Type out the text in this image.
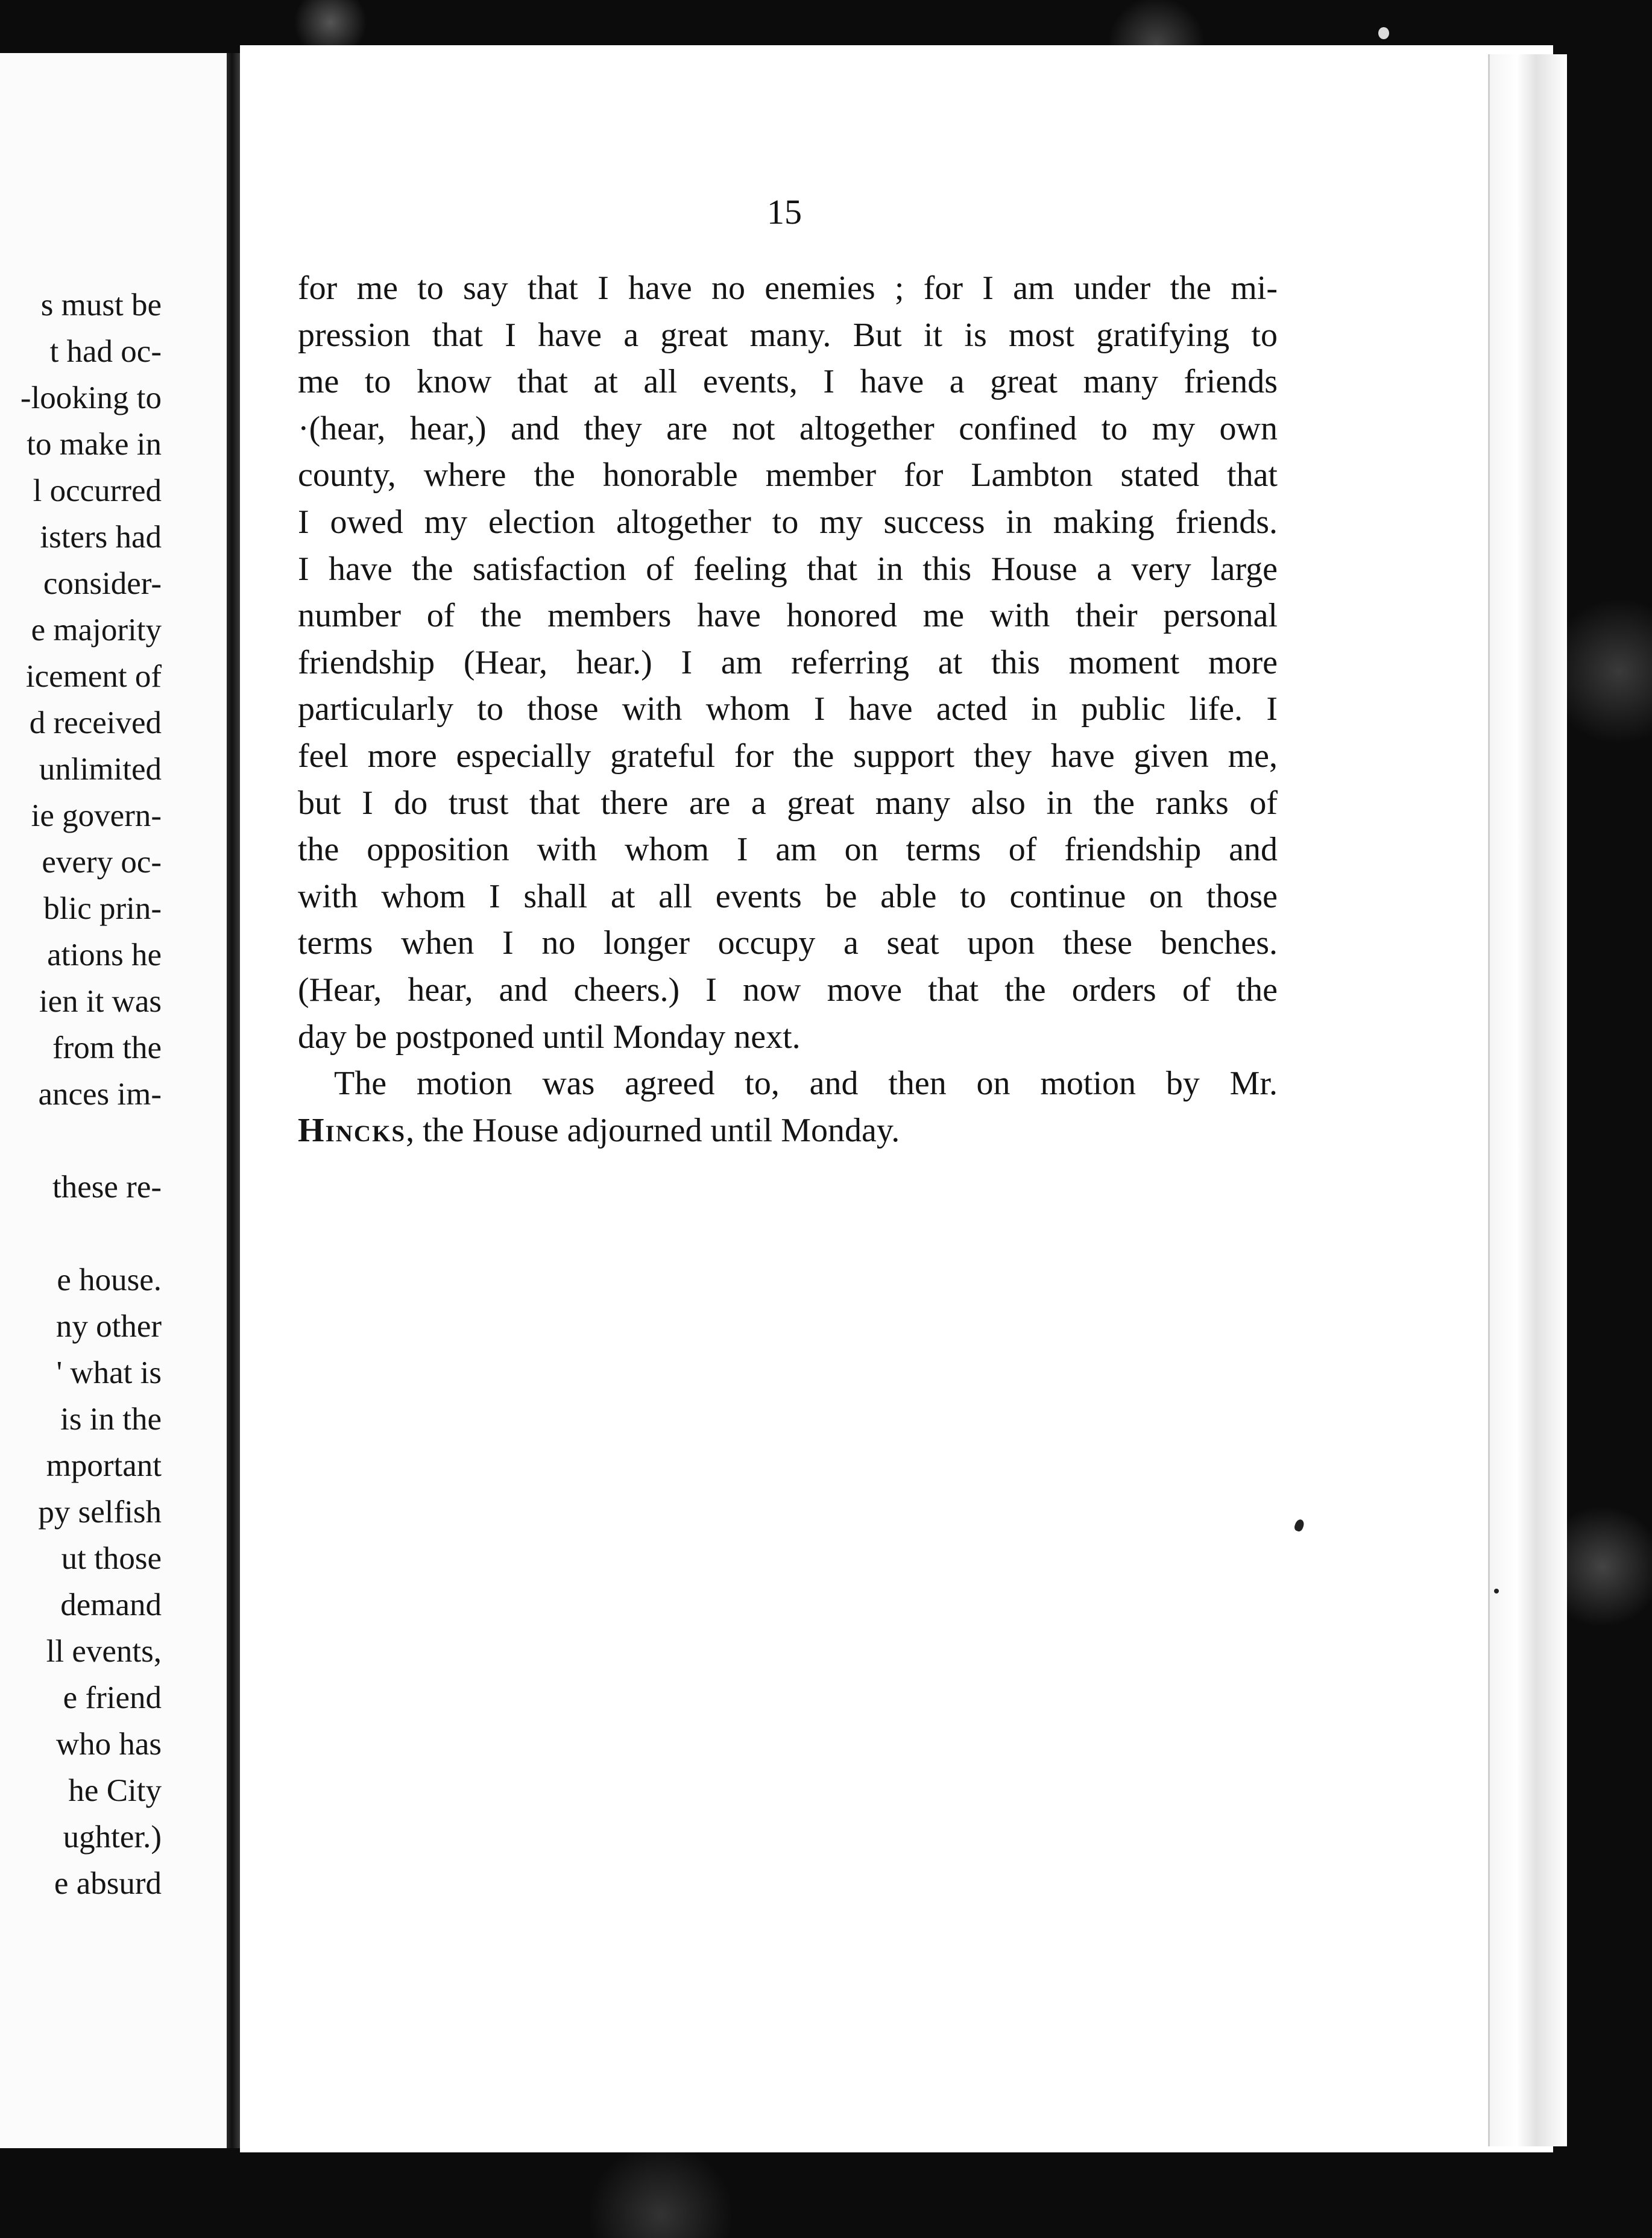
s must be
t had oc-
-looking to
to make in
l occurred
isters had
consider-
e majority
icement of
d received
unlimited
ie govern-
every oc-
blic prin-
ations he
ien it was
from the
ances im-

these re-

e house.
ny other
' what is
is in the
mportant
py selfish
ut those
demand
ll events,
e friend
who has
he City
ughter.)
e absurd
15
for me to say that I have no enemies ; for I am under the mi-
pression that I have a great many. But it is most gratifying to
me to know that at all events, I have a great many friends
·(hear, hear,) and they are not altogether confined to my own
county, where the honorable member for Lambton stated that
I owed my election altogether to my success in making friends.
I have the satisfaction of feeling that in this House a very large
number of the members have honored me with their personal
friendship (Hear, hear.) I am referring at this moment more
particularly to those with whom I have acted in public life. I
feel more especially grateful for the support they have given me,
but I do trust that there are a great many also in the ranks of
the opposition with whom I am on terms of friendship and
with whom I shall at all events be able to continue on those
terms when I no longer occupy a seat upon these benches.
(Hear, hear, and cheers.) I now move that the orders of the
day be postponed until Monday next.
The motion was agreed to, and then on motion by Mr.
Hincks, the House adjourned until Monday.
